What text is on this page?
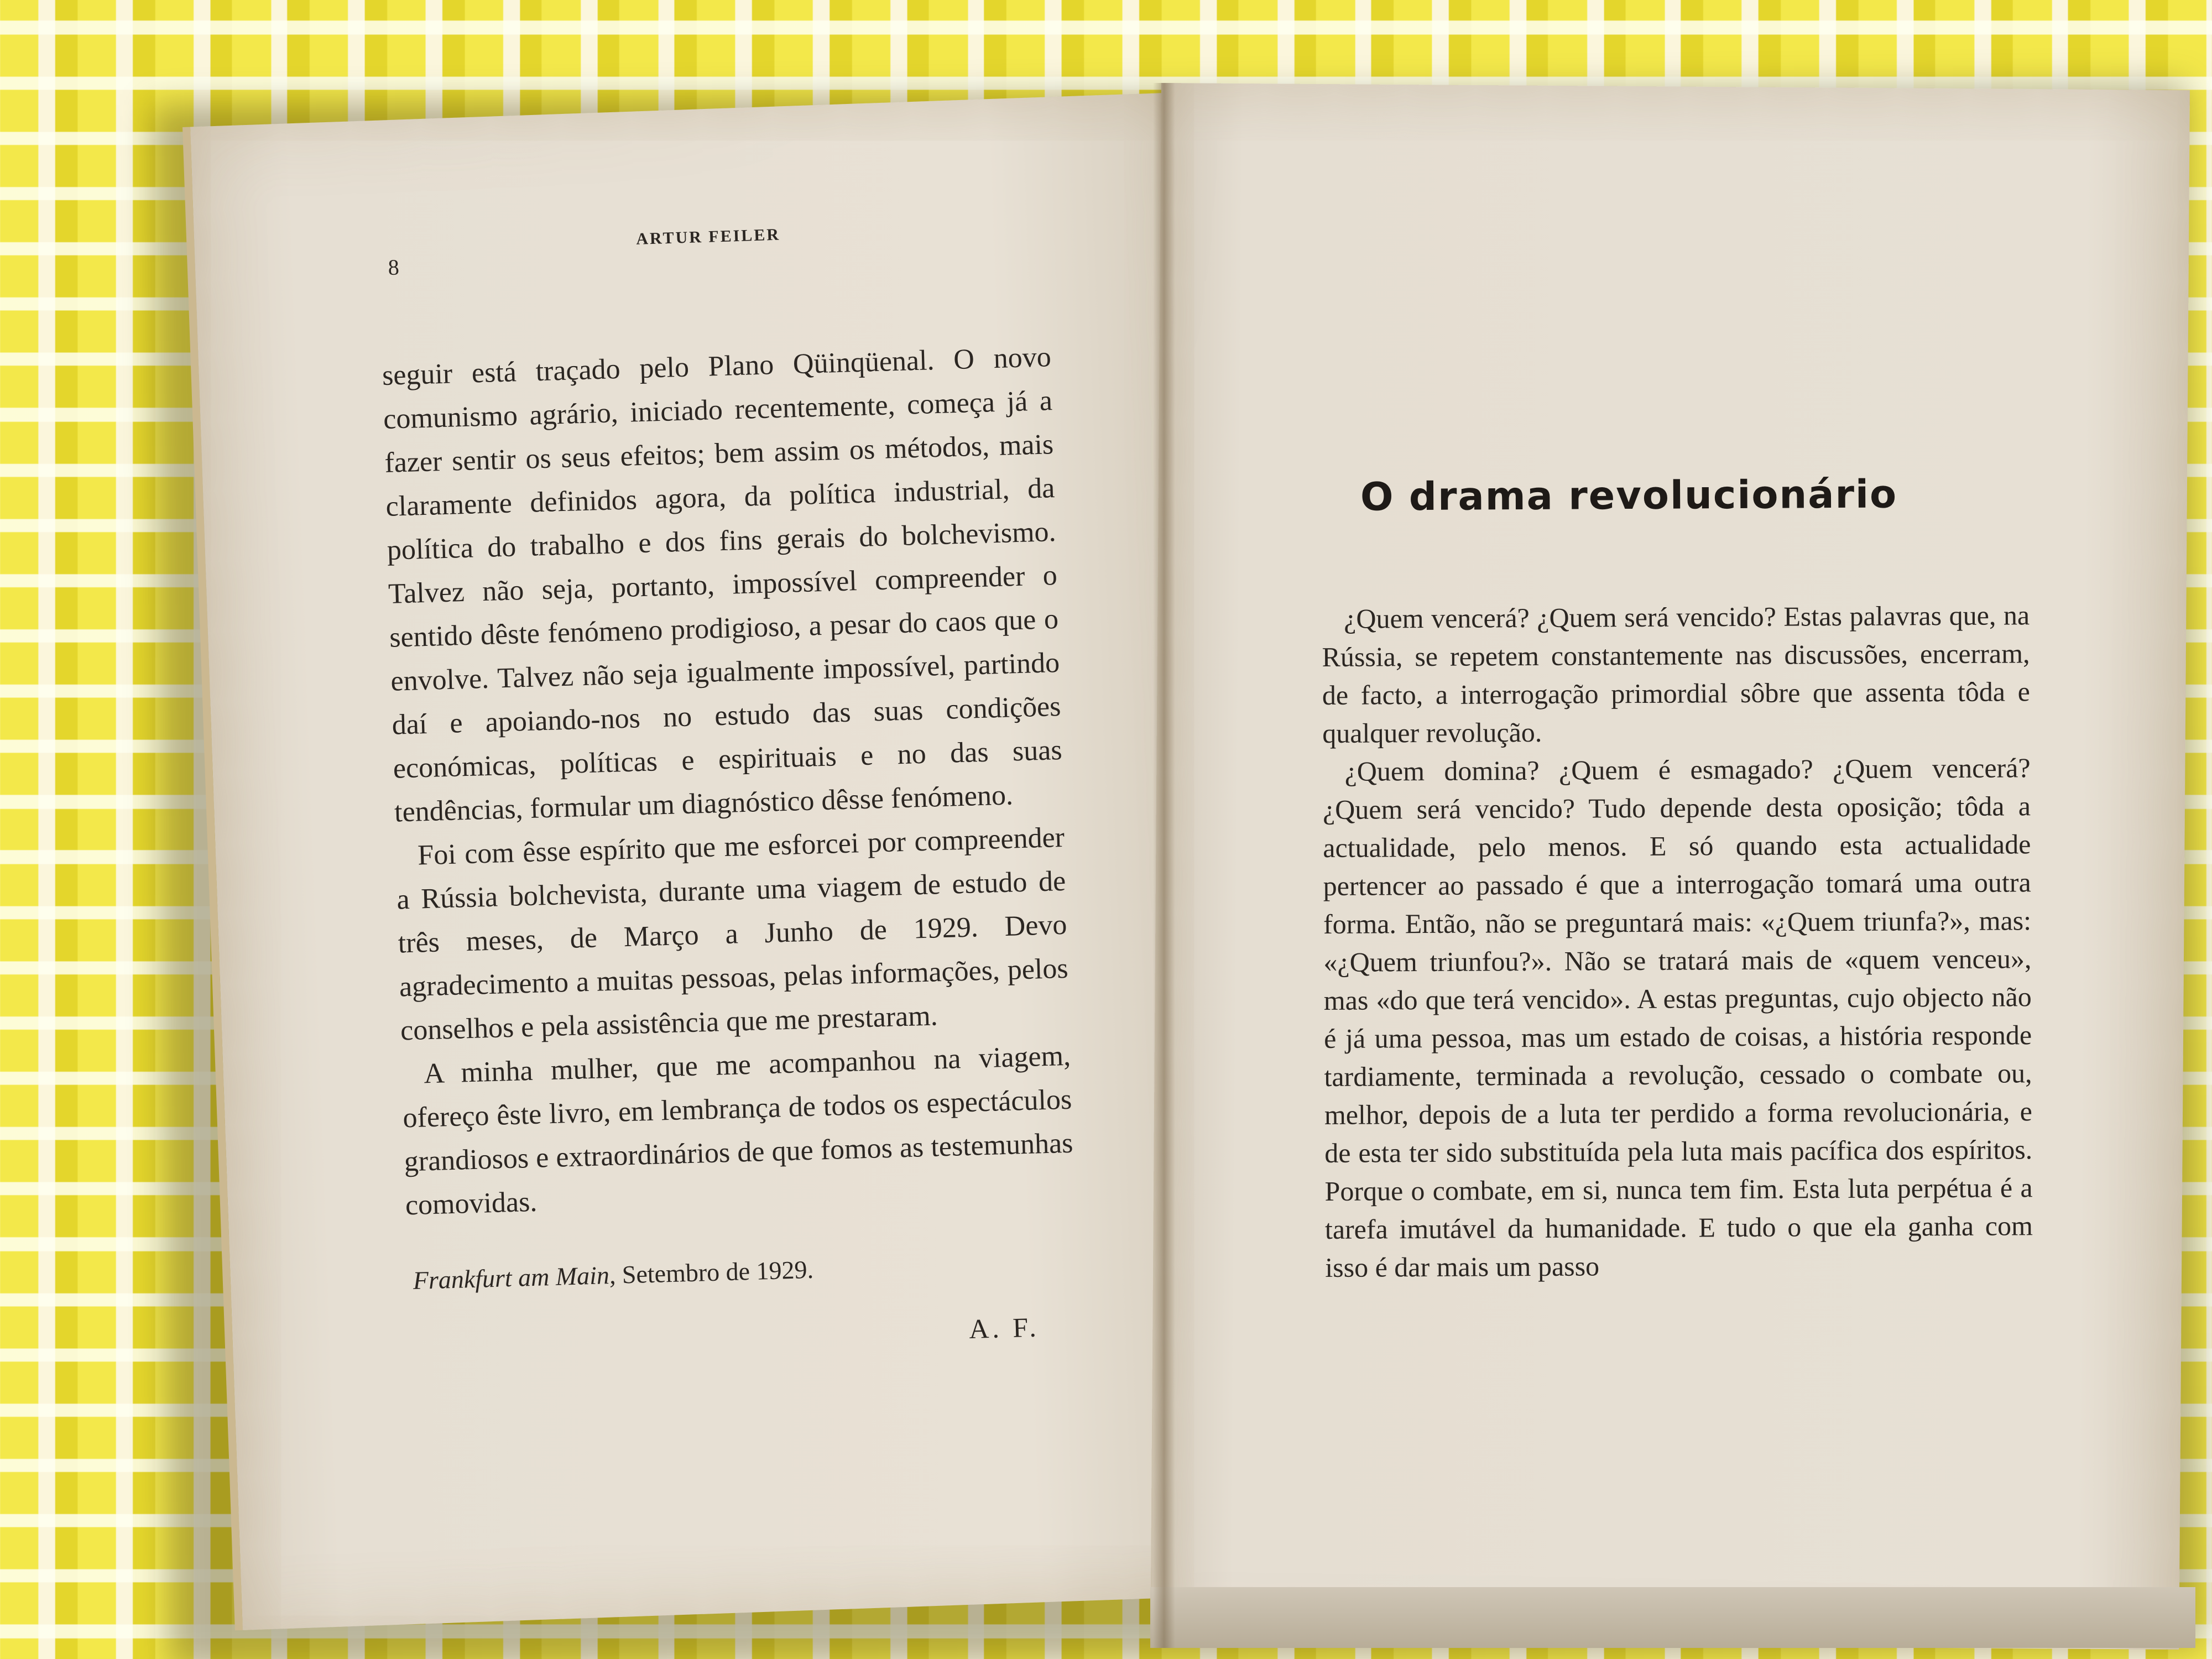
8
ARTUR FEILER

seguir está traçado pelo Plano Qüinqüenal. O novo comunismo agrário, iniciado recentemente, começa já a fazer sentir os seus efeitos; bem assim os métodos, mais claramente definidos agora, da política industrial, da política do trabalho e dos fins gerais do bolchevismo. Talvez não seja, portanto, impossível compreender o sentido dêste fenómeno prodigioso, a pesar do caos que o envolve. Talvez não seja igualmente impossível, partindo daí e apoiando-nos no estudo das suas condições económicas, políticas e espirituais e no das suas tendências, formular um diagnóstico dêsse fenómeno.

Foi com êsse espírito que me esforcei por compreender a Rússia bolchevista, durante uma viagem de estudo de três meses, de Março a Junho de 1929. Devo agradecimento a muitas pessoas, pelas informações, pelos conselhos e pela assistência que me prestaram.

A minha mulher, que me acompanhou na viagem, ofereço êste livro, em lembrança de todos os espectáculos grandiosos e extraordinários de que fomos as testemunhas comovidas.

Frankfurt am Main, Setembro de 1929.
A. F.
O drama revolucionário

¿Quem vencerá? ¿Quem será vencido? Estas palavras que, na Rússia, se repetem constantemente nas discussões, encerram, de facto, a interrogação primordial sôbre que assenta tôda e qualquer revolução.

¿Quem domina? ¿Quem é esmagado? ¿Quem vencerá? ¿Quem será vencido? Tudo depende desta oposição; tôda a actualidade, pelo menos. E só quando esta actualidade pertencer ao passado é que a interrogação tomará uma outra forma. Então, não se preguntará mais: «¿Quem triunfa?», mas: «¿Quem triunfou?». Não se tratará mais de «quem venceu», mas «do que terá vencido». A estas preguntas, cujo objecto não é já uma pessoa, mas um estado de coisas, a história responde tardiamente, terminada a revolução, cessado o combate ou, melhor, depois de a luta ter perdido a forma revolucionária, e de esta ter sido substituída pela luta mais pacífica dos espíritos. Porque o combate, em si, nunca tem fim. Esta luta perpétua é a tarefa imutável da humanidade. E tudo o que ela ganha com isso é dar mais um passo
